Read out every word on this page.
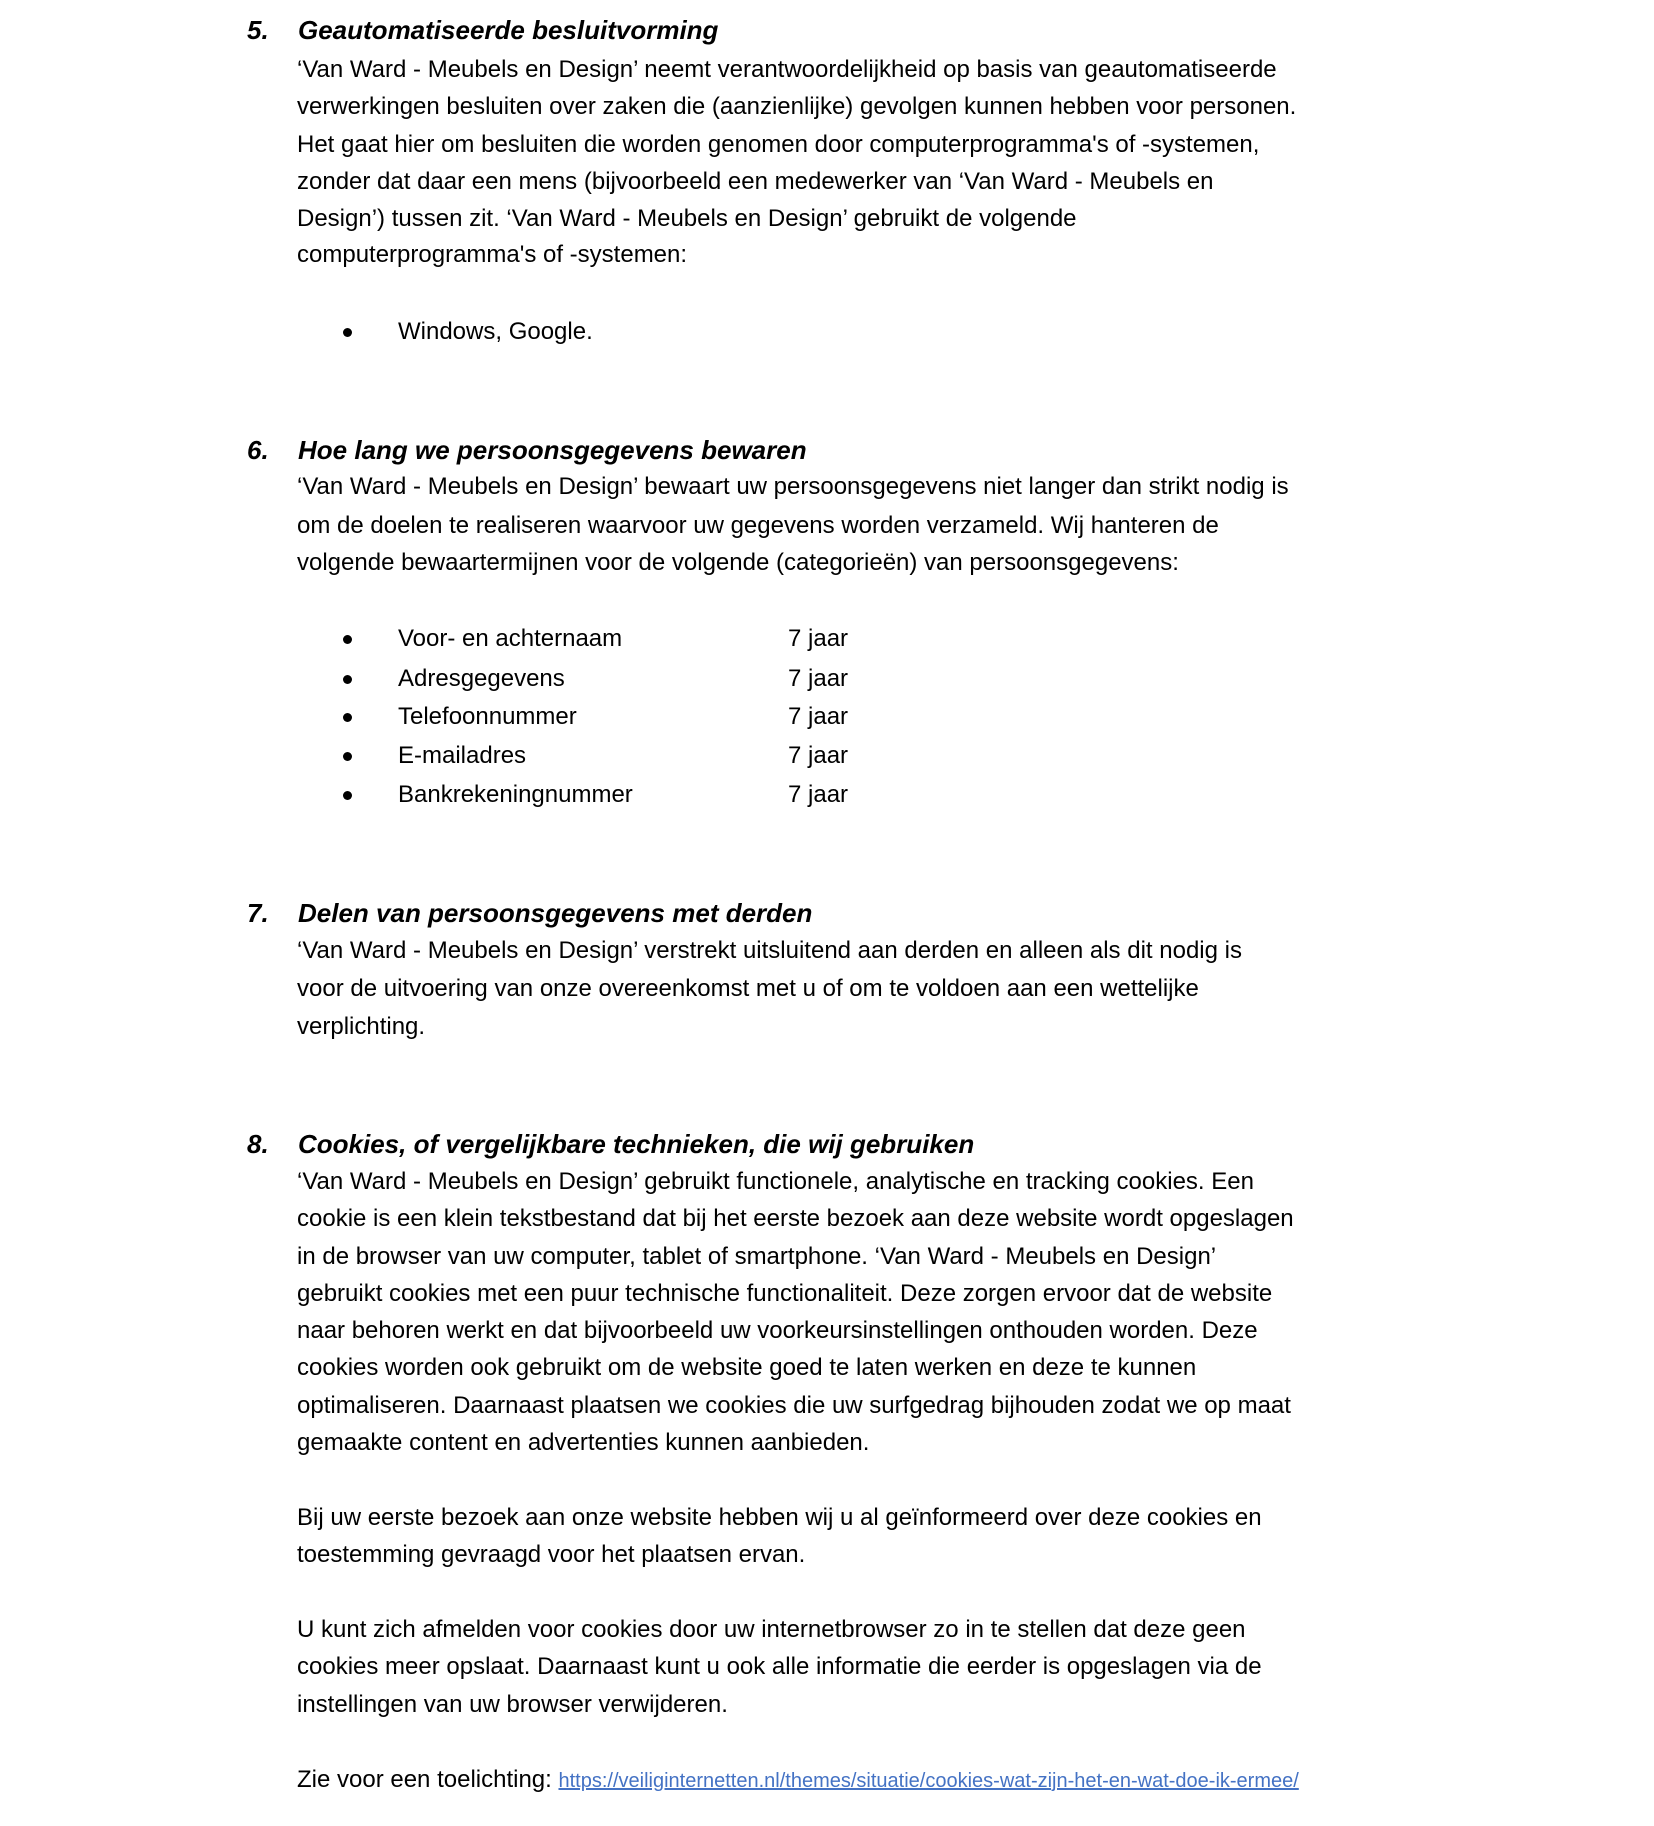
5. Geautomatiseerde besluitvorming
‘Van Ward - Meubels en Design’ neemt verantwoordelijkheid op basis van geautomatiseerde
verwerkingen besluiten over zaken die (aanzienlijke) gevolgen kunnen hebben voor personen.
Het gaat hier om besluiten die worden genomen door computerprogramma's of -systemen,
zonder dat daar een mens (bijvoorbeeld een medewerker van ‘Van Ward - Meubels en
Design’) tussen zit. ‘Van Ward - Meubels en Design’ gebruikt de volgende
computerprogramma's of -systemen:
Windows, Google.
6. Hoe lang we persoonsgegevens bewaren
‘Van Ward - Meubels en Design’ bewaart uw persoonsgegevens niet langer dan strikt nodig is
om de doelen te realiseren waarvoor uw gegevens worden verzameld. Wij hanteren de
volgende bewaartermijnen voor de volgende (categorieën) van persoonsgegevens:
Voor- en achternaam	7 jaar
Adresgegevens	7 jaar
Telefoonnummer	7 jaar
E-mailadres	7 jaar
Bankrekeningnummer	7 jaar
7. Delen van persoonsgegevens met derden
‘Van Ward - Meubels en Design’ verstrekt uitsluitend aan derden en alleen als dit nodig is
voor de uitvoering van onze overeenkomst met u of om te voldoen aan een wettelijke
verplichting.
8. Cookies, of vergelijkbare technieken, die wij gebruiken
‘Van Ward - Meubels en Design’ gebruikt functionele, analytische en tracking cookies. Een
cookie is een klein tekstbestand dat bij het eerste bezoek aan deze website wordt opgeslagen
in de browser van uw computer, tablet of smartphone. ‘Van Ward - Meubels en Design’
gebruikt cookies met een puur technische functionaliteit. Deze zorgen ervoor dat de website
naar behoren werkt en dat bijvoorbeeld uw voorkeursinstellingen onthouden worden. Deze
cookies worden ook gebruikt om de website goed te laten werken en deze te kunnen
optimaliseren. Daarnaast plaatsen we cookies die uw surfgedrag bijhouden zodat we op maat
gemaakte content en advertenties kunnen aanbieden.
Bij uw eerste bezoek aan onze website hebben wij u al geïnformeerd over deze cookies en
toestemming gevraagd voor het plaatsen ervan.
U kunt zich afmelden voor cookies door uw internetbrowser zo in te stellen dat deze geen
cookies meer opslaat. Daarnaast kunt u ook alle informatie die eerder is opgeslagen via de
instellingen van uw browser verwijderen.
Zie voor een toelichting: https://veiliginternetten.nl/themes/situatie/cookies-wat-zijn-het-en-wat-doe-ik-ermee/
